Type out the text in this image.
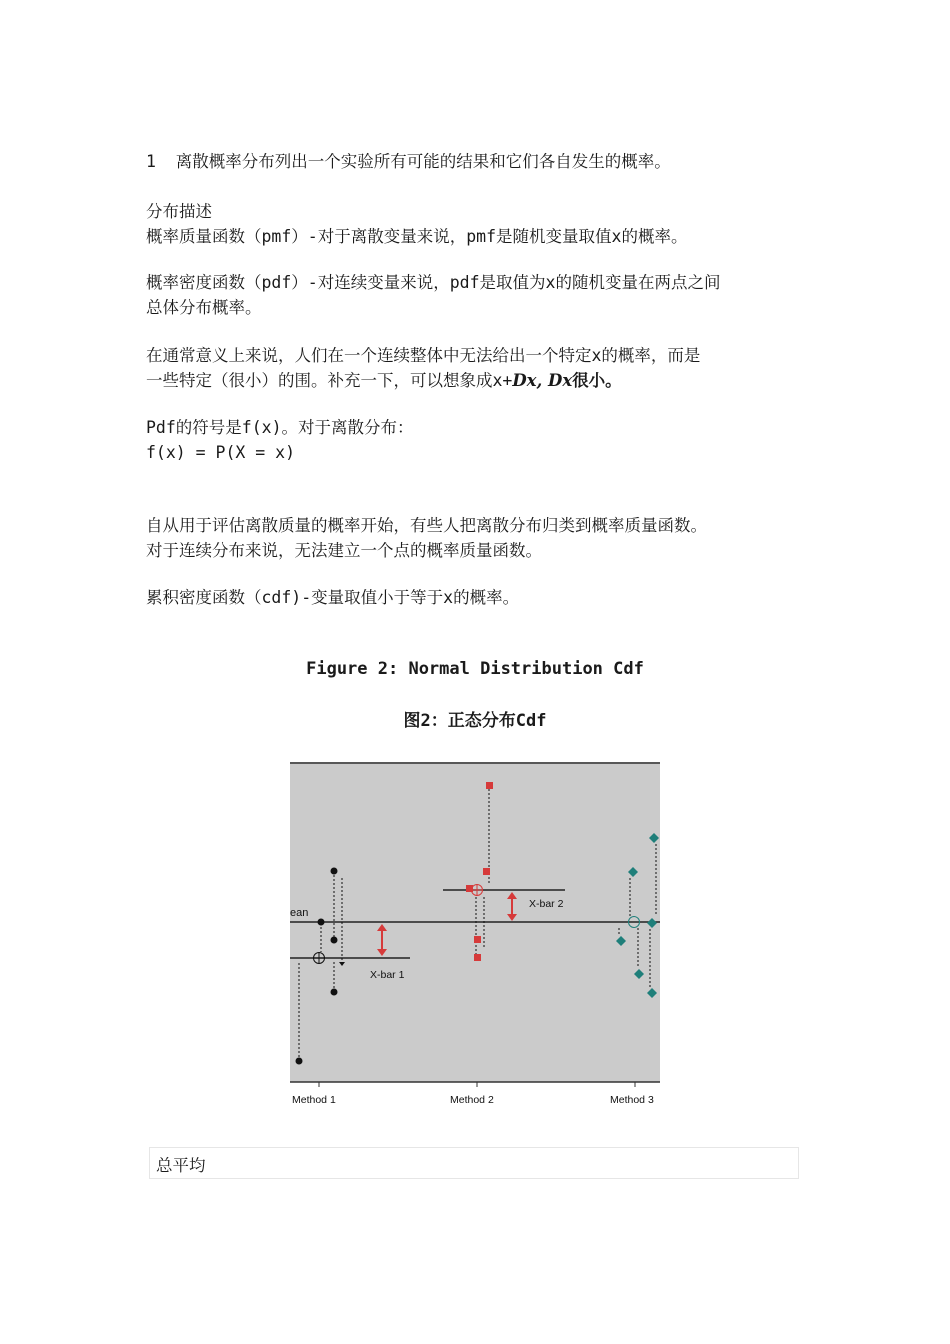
1  离散概率分布列出一个实验所有可能的结果和它们各自发生的概率。

分布描述

概率质量函数（pmf）-对于离散变量来说，pmf是随机变量取值x的概率。

概率密度函数（pdf）-对连续变量来说，pdf是取值为x的随机变量在两点之间

总体分布概率。

在通常意义上来说，人们在一个连续整体中无法给出一个特定x的概率，而是

一些特定（很小）的围。补充一下，可以想象成x+Dx, Dx很小。

Pdf的符号是f(x)。对于离散分布：

f(x) = P(X = x)

自从用于评估离散质量的概率开始，有些人把离散分布归类到概率质量函数。

对于连续分布来说，无法建立一个点的概率质量函数。

累积密度函数（cdf)-变量取值小于等于x的概率。

Figure 2: Normal Distribution Cdf
图2：正态分布Cdf
ean
X-bar 1
X-bar 2
Method 1	Method 2	Method 3
总平均
